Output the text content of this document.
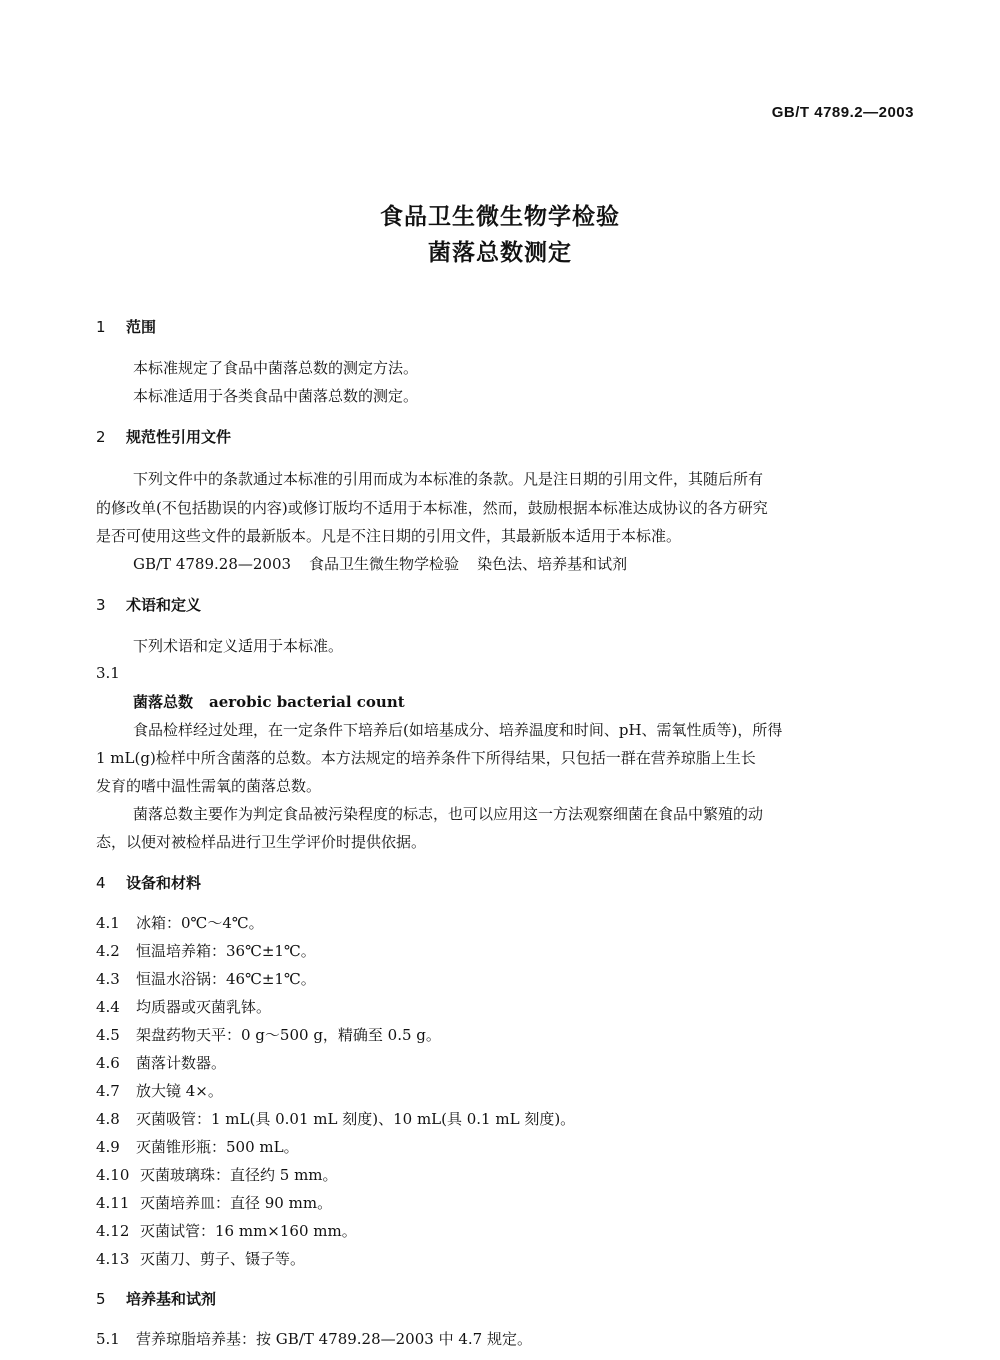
GB/T 4789.2—2003
食品卫生微生物学检验
菌落总数测定
1 范围
本标准规定了食品中菌落总数的测定方法。
本标准适用于各类食品中菌落总数的测定。
2 规范性引用文件
下列文件中的条款通过本标准的引用而成为本标准的条款。凡是注日期的引用文件，其随后所有
的修改单(不包括勘误的内容)或修订版均不适用于本标准，然而，鼓励根据本标准达成协议的各方研究
是否可使用这些文件的最新版本。凡是不注日期的引用文件，其最新版本适用于本标准。
GB/T 4789.28—2003 食品卫生微生物学检验 染色法、培养基和试剂
3 术语和定义
下列术语和定义适用于本标准。
3.1
菌落总数 aerobic bacterial count
食品检样经过处理，在一定条件下培养后(如培基成分、培养温度和时间、pH、需氧性质等)，所得
1 mL(g)检样中所含菌落的总数。本方法规定的培养条件下所得结果，只包括一群在营养琼脂上生长
发育的嗜中温性需氧的菌落总数。
菌落总数主要作为判定食品被污染程度的标志，也可以应用这一方法观察细菌在食品中繁殖的动
态，以便对被检样品进行卫生学评价时提供依据。
4 设备和材料
4.1 冰箱：0℃～4℃。
4.2 恒温培养箱：36℃±1℃。
4.3 恒温水浴锅：46℃±1℃。
4.4 均质器或灭菌乳钵。
4.5 架盘药物天平：0 g～500 g，精确至 0.5 g。
4.6 菌落计数器。
4.7 放大镜 4×。
4.8 灭菌吸管：1 mL(具 0.01 mL 刻度)、10 mL(具 0.1 mL 刻度)。
4.9 灭菌锥形瓶：500 mL。
4.10 灭菌玻璃珠：直径约 5 mm。
4.11 灭菌培养皿：直径 90 mm。
4.12 灭菌试管：16 mm×160 mm。
4.13 灭菌刀、剪子、镊子等。
5 培养基和试剂
5.1 营养琼脂培养基：按 GB/T 4789.28—2003 中 4.7 规定。
